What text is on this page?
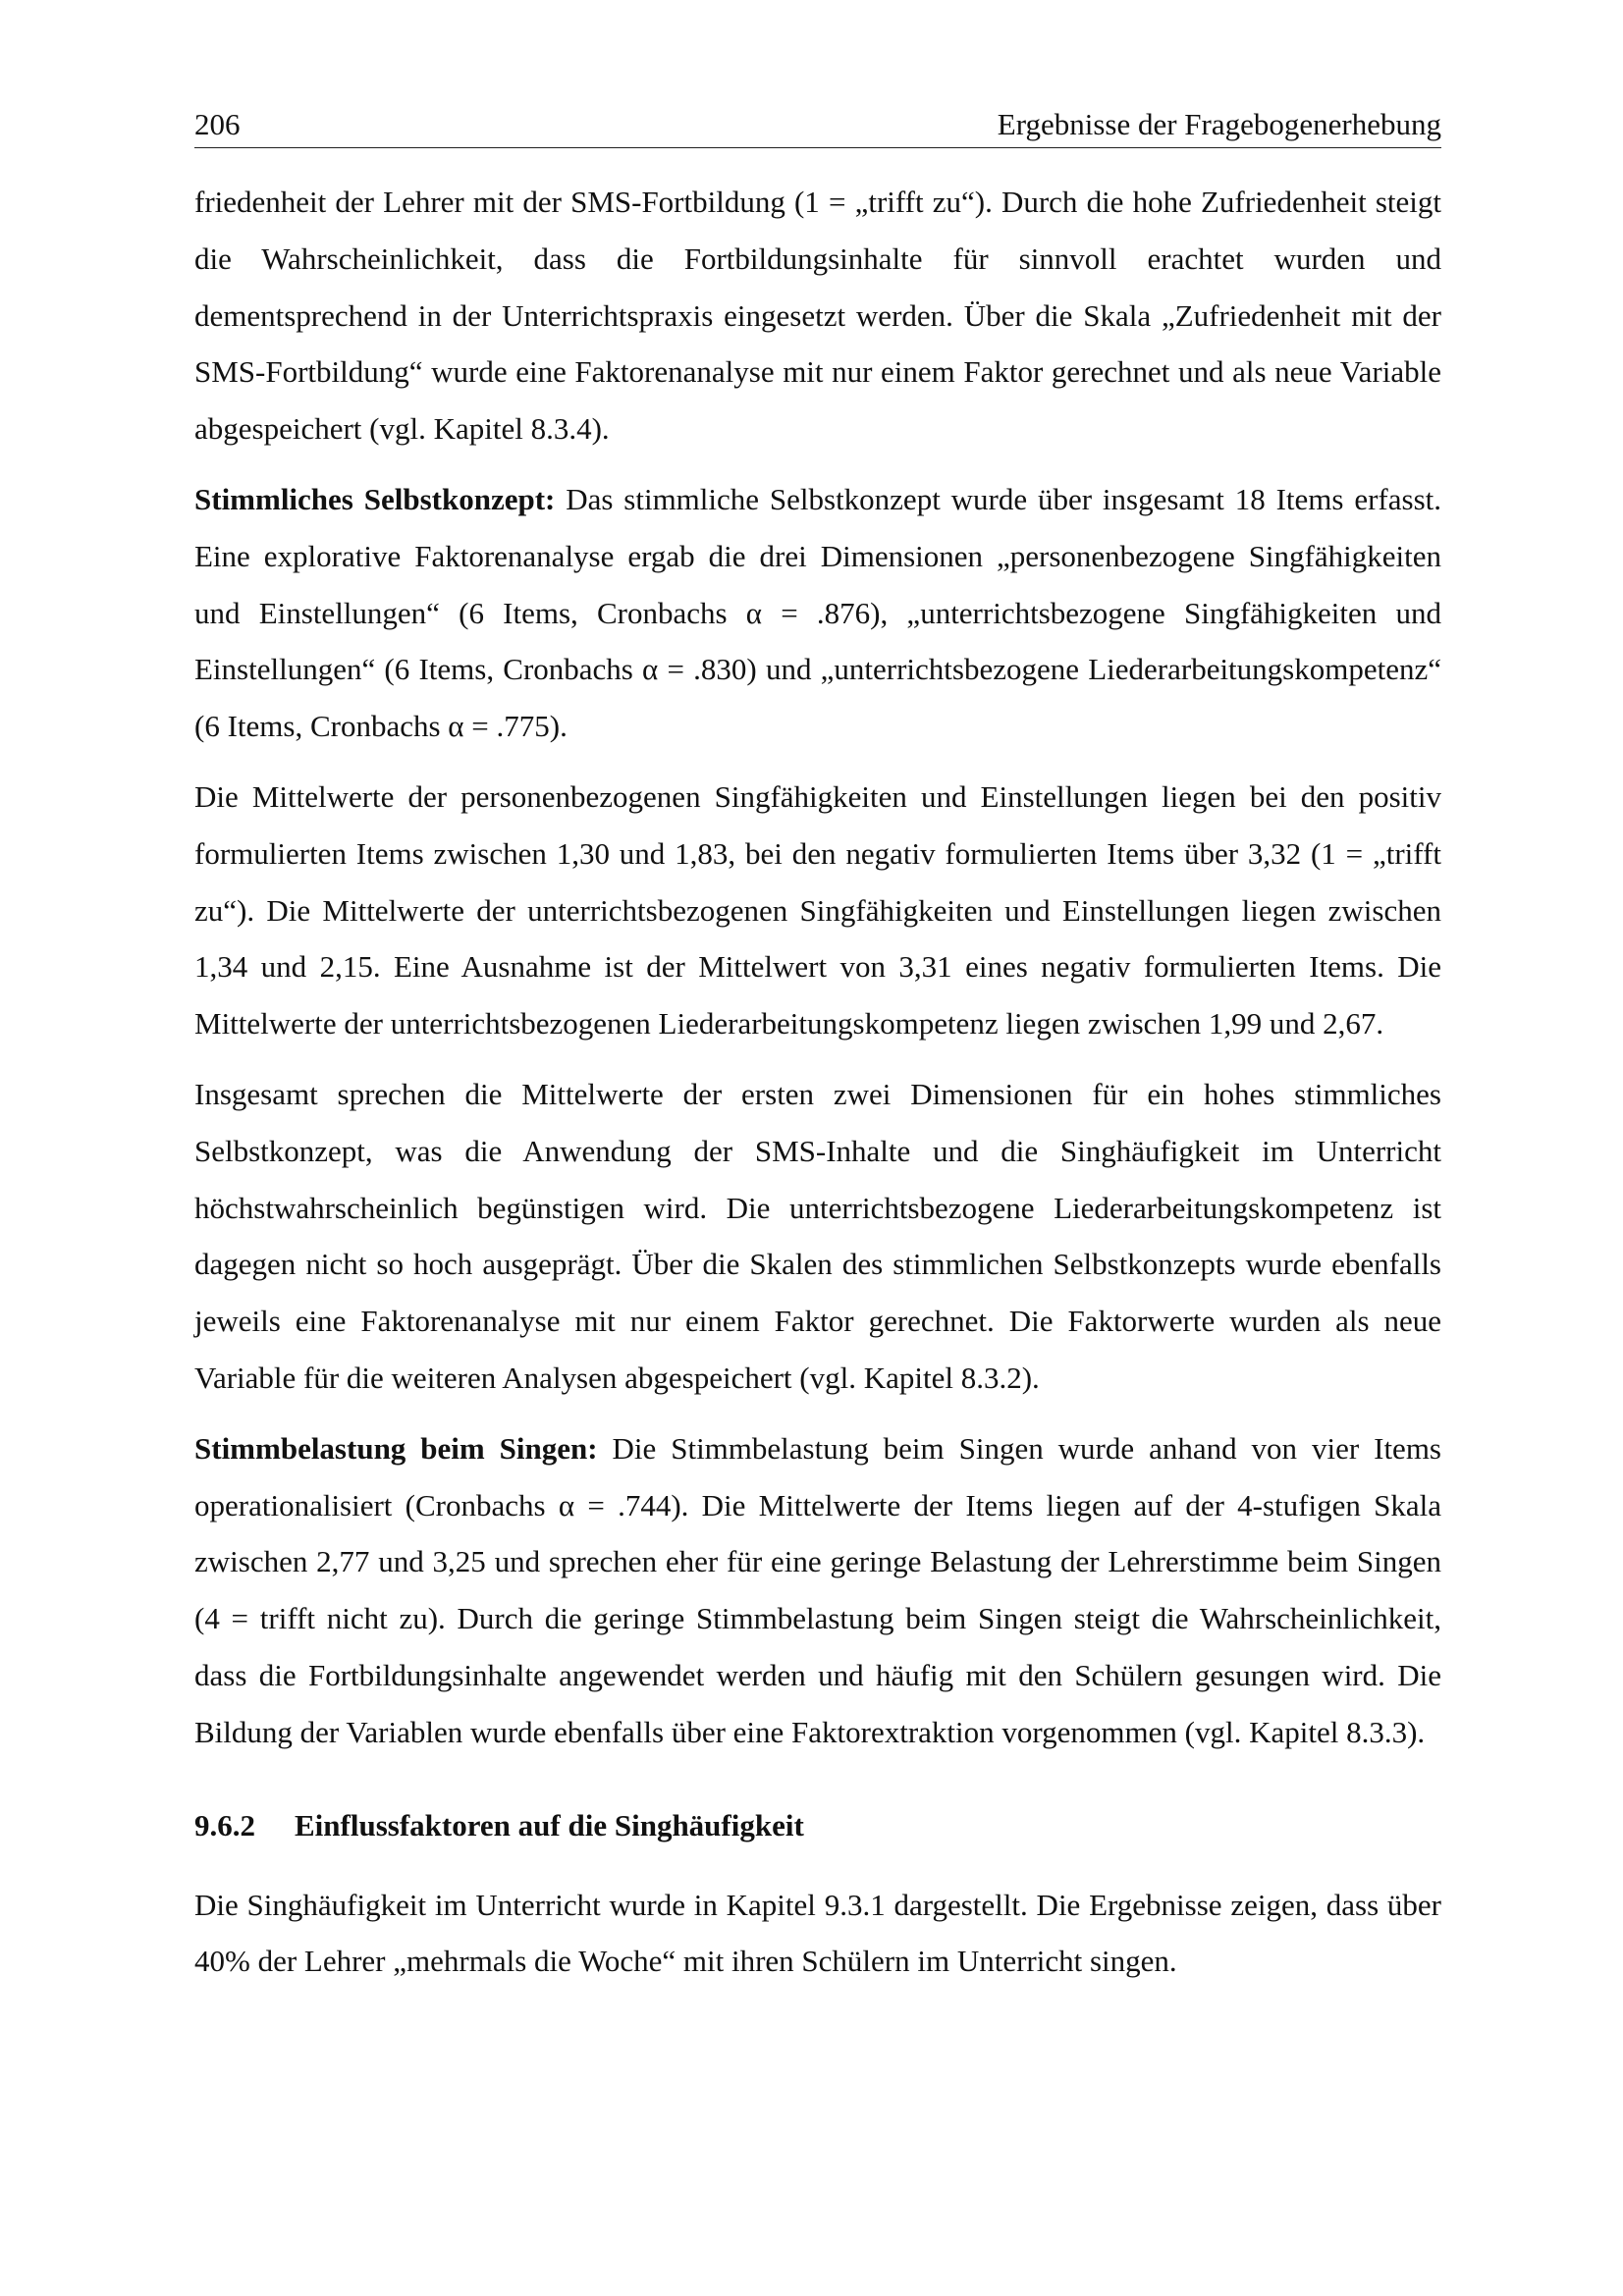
206	Ergebnisse der Fragebogenerhebung

friedenheit der Lehrer mit der SMS-Fortbildung (1 = „trifft zu“). Durch die hohe Zufriedenheit steigt die Wahrscheinlichkeit, dass die Fortbildungsinhalte für sinnvoll erachtet wurden und dementsprechend in der Unterrichtspraxis eingesetzt werden. Über die Skala „Zufriedenheit mit der SMS-Fortbildung“ wurde eine Faktorenanalyse mit nur einem Faktor gerechnet und als neue Variable abgespeichert (vgl. Kapitel 8.3.4).

Stimmliches Selbstkonzept: Das stimmliche Selbstkonzept wurde über insgesamt 18 Items erfasst. Eine explorative Faktorenanalyse ergab die drei Dimensionen „personenbezogene Singfähigkeiten und Einstellungen“ (6 Items, Cronbachs α = .876), „unterrichtsbezogene Singfähigkeiten und Einstellungen“ (6 Items, Cronbachs α = .830) und „unterrichtsbezogene Liederarbeitungskompetenz“ (6 Items, Cronbachs α = .775).

Die Mittelwerte der personenbezogenen Singfähigkeiten und Einstellungen liegen bei den positiv formulierten Items zwischen 1,30 und 1,83, bei den negativ formulierten Items über 3,32 (1 = „trifft zu“). Die Mittelwerte der unterrichtsbezogenen Singfähigkeiten und Einstellungen liegen zwischen 1,34 und 2,15. Eine Ausnahme ist der Mittelwert von 3,31 eines negativ formulierten Items. Die Mittelwerte der unterrichtsbezogenen Liederarbeitungskompetenz liegen zwischen 1,99 und 2,67.

Insgesamt sprechen die Mittelwerte der ersten zwei Dimensionen für ein hohes stimmliches Selbstkonzept, was die Anwendung der SMS-Inhalte und die Singhäufigkeit im Unterricht höchstwahrscheinlich begünstigen wird. Die unterrichtsbezogene Liederarbeitungskompetenz ist dagegen nicht so hoch ausgeprägt. Über die Skalen des stimmlichen Selbstkonzepts wurde ebenfalls jeweils eine Faktorenanalyse mit nur einem Faktor gerechnet. Die Faktorwerte wurden als neue Variable für die weiteren Analysen abgespeichert (vgl. Kapitel 8.3.2).

Stimmbelastung beim Singen: Die Stimmbelastung beim Singen wurde anhand von vier Items operationalisiert (Cronbachs α = .744). Die Mittelwerte der Items liegen auf der 4-stufigen Skala zwischen 2,77 und 3,25 und sprechen eher für eine geringe Belastung der Lehrerstimme beim Singen (4 = trifft nicht zu). Durch die geringe Stimmbelastung beim Singen steigt die Wahrscheinlichkeit, dass die Fortbildungsinhalte angewendet werden und häufig mit den Schülern gesungen wird. Die Bildung der Variablen wurde ebenfalls über eine Faktorextraktion vorgenommen (vgl. Kapitel 8.3.3).

9.6.2	Einflussfaktoren auf die Singhäufigkeit

Die Singhäufigkeit im Unterricht wurde in Kapitel 9.3.1 dargestellt. Die Ergebnisse zeigen, dass über 40% der Lehrer „mehrmals die Woche“ mit ihren Schülern im Unterricht singen.
